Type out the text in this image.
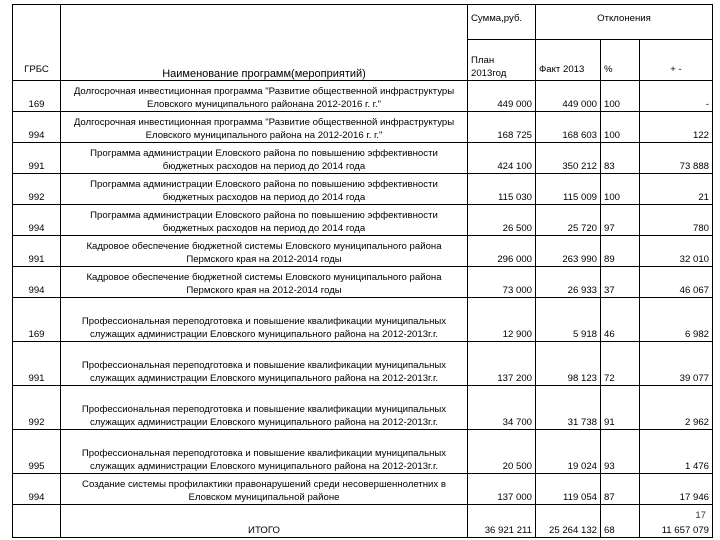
ГРБС	Наименование программ(мероприятий)	Сумма,руб.	Отклонения		
		План 2013год	Факт 2013	%	+ -
169	Долгосрочная инвестиционная программа "Развитие общественной инфраструктуры Еловского муниципального районана 2012-2016 г. г."	449 000	449 000	100	-
994	Долгосрочная инвестиционная программа "Развитие общественной инфраструктуры Еловского муниципального района на 2012-2016 г. г."	168 725	168 603	100	122
991	Программа администрации Еловского района по повышению эффективности бюджетных расходов на период до 2014 года	424 100	350 212	83	73 888
992	Программа администрации Еловского района по повышению эффективности бюджетных расходов на период до 2014 года	115 030	115 009	100	21
994	Программа администрации Еловского района по повышению эффективности бюджетных расходов на период до 2014 года	26 500	25 720	97	780
991	Кадровое обеспечение бюджетной системы Еловского муниципального района Пермского края на 2012-2014 годы	296 000	263 990	89	32 010
994	Кадровое обеспечение бюджетной системы Еловского муниципального района Пермского края на 2012-2014 годы	73 000	26 933	37	46 067
169	Профессиональная переподготовка и повышение квалификации муниципальных служащих администрации Еловского муниципального района на 2012-2013г.г.	12 900	5 918	46	6 982
991	Профессиональная переподготовка и повышение квалификации муниципальных служащих администрации Еловского муниципального района на 2012-2013г.г.	137 200	98 123	72	39 077
992	Профессиональная переподготовка и повышение квалификации муниципальных служащих администрации Еловского муниципального района на 2012-2013г.г.	34 700	31 738	91	2 962
995	Профессиональная переподготовка и повышение квалификации муниципальных служащих администрации Еловского муниципального района на 2012-2013г.г.	20 500	19 024	93	1 476
994	Создание системы профилактики правонарушений среди несовершеннолетних в Еловском муниципальной районе	137 000	119 054	87	17 946
	ИТОГО	36 921 211	25 264 132	68	11 657 079
17
